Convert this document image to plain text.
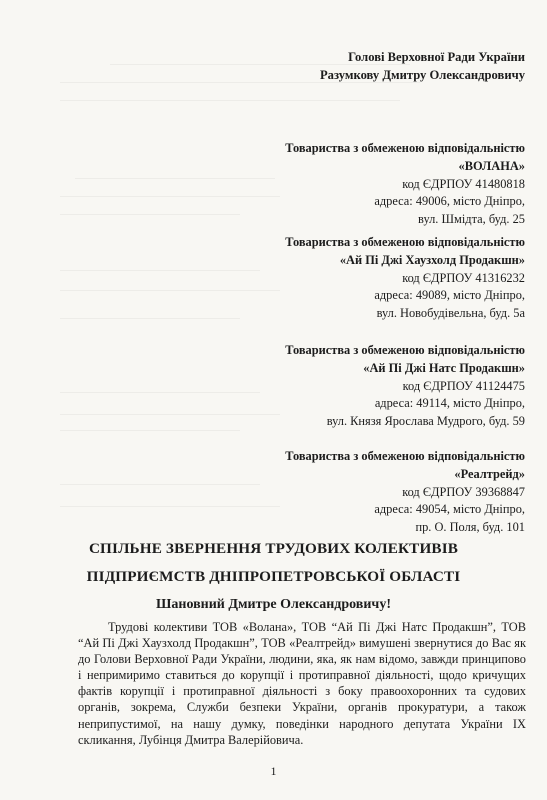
Голові Верховної Ради України
Разумкову Дмитру Олександровичу
Товариства з обмеженою відповідальністю
«ВОЛАНА»
код ЄДРПОУ 41480818
адреса: 49006, місто Дніпро,
вул. Шмідта, буд. 25
Товариства з обмеженою відповідальністю
«Ай Пі Джі Хаузхолд Продакшн»
код ЄДРПОУ 41316232
адреса: 49089, місто Дніпро,
вул. Новобудівельна, буд. 5а
Товариства з обмеженою відповідальністю
«Ай Пі Джі Натс Продакшн»
код ЄДРПОУ 41124475
адреса: 49114, місто Дніпро,
вул. Князя Ярослава Мудрого, буд. 59
Товариства з обмеженою відповідальністю
«Реалтрейд»
код ЄДРПОУ 39368847
адреса: 49054, місто Дніпро,
пр. О. Поля, буд. 101
СПІЛЬНЕ ЗВЕРНЕННЯ ТРУДОВИХ КОЛЕКТИВІВ
ПІДПРИЄМСТВ ДНІПРОПЕТРОВСЬКОЇ ОБЛАСТІ
Шановний Дмитре Олександровичу!

Трудові колективи ТОВ «Волана», ТОВ “Ай Пі Джі Натс Продакшн”, ТОВ “Ай Пі Джі Хаузхолд Продакшн”, ТОВ «Реалтрейд» вимушені звернутися до Вас як до Голови Верховної Ради України, людини, яка, як нам відомо, завжди принципово і непримиримо ставиться до корупції і протиправної діяльності, щодо кричущих фактів корупції і протиправної діяльності з боку правоохоронних та судових органів, зокрема, Служби безпеки України, органів прокуратури, а також неприпустимої, на нашу думку, поведінки народного депутата України IX скликання, Лубінця Дмитра Валерійовича.

1
